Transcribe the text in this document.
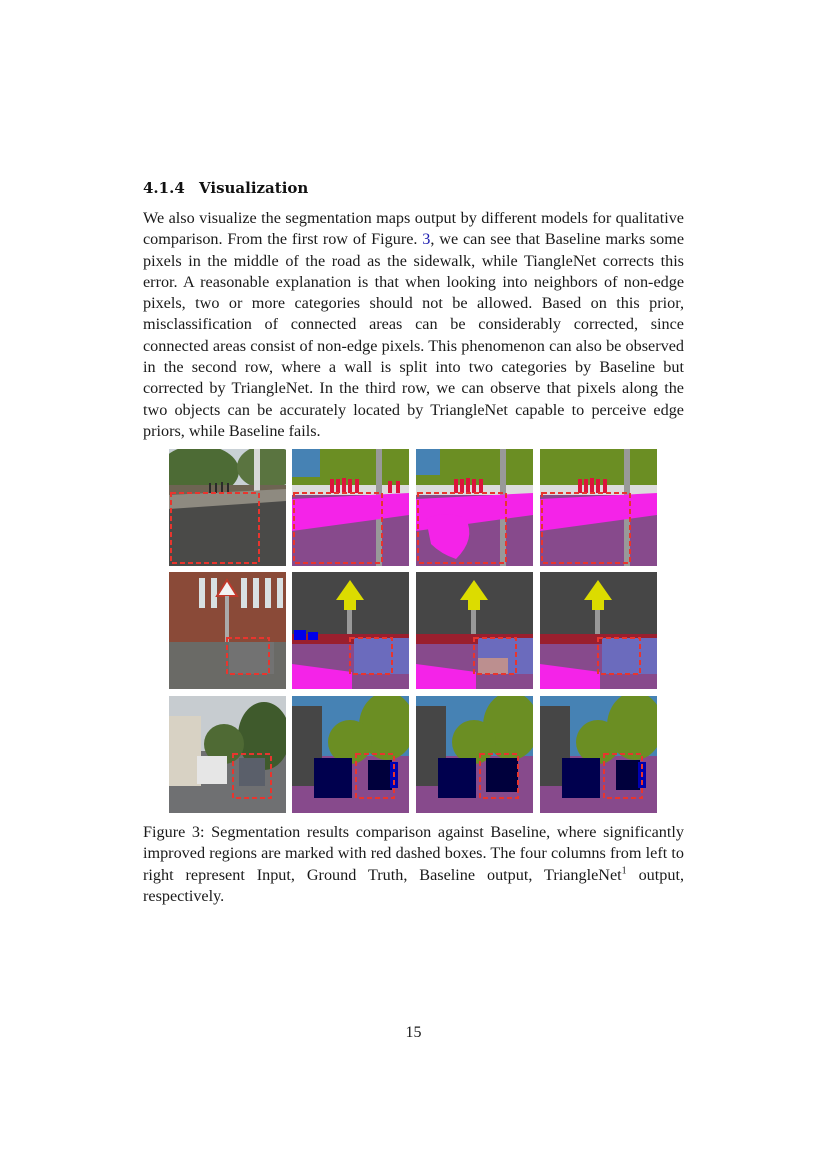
4.1.4 Visualization

We also visualize the segmentation maps output by different models for qualitative comparison. From the first row of Figure. 3, we can see that Baseline marks some pixels in the middle of the road as the sidewalk, while TiangleNet corrects this error. A reasonable explanation is that when looking into neighbors of non-edge pixels, two or more categories should not be allowed. Based on this prior, misclassification of connected areas can be considerably corrected, since connected areas consist of non-edge pixels. This phenomenon can also be observed in the second row, where a wall is split into two categories by Baseline but corrected by TriangleNet. In the third row, we can observe that pixels along the two objects can be accurately located by TriangleNet capable to perceive edge priors, while Baseline fails.

Figure 3: Segmentation results comparison against Baseline, where significantly improved regions are marked with red dashed boxes. The four columns from left to right represent Input, Ground Truth, Baseline output, TriangleNet$^1$ output, respectively.

15
